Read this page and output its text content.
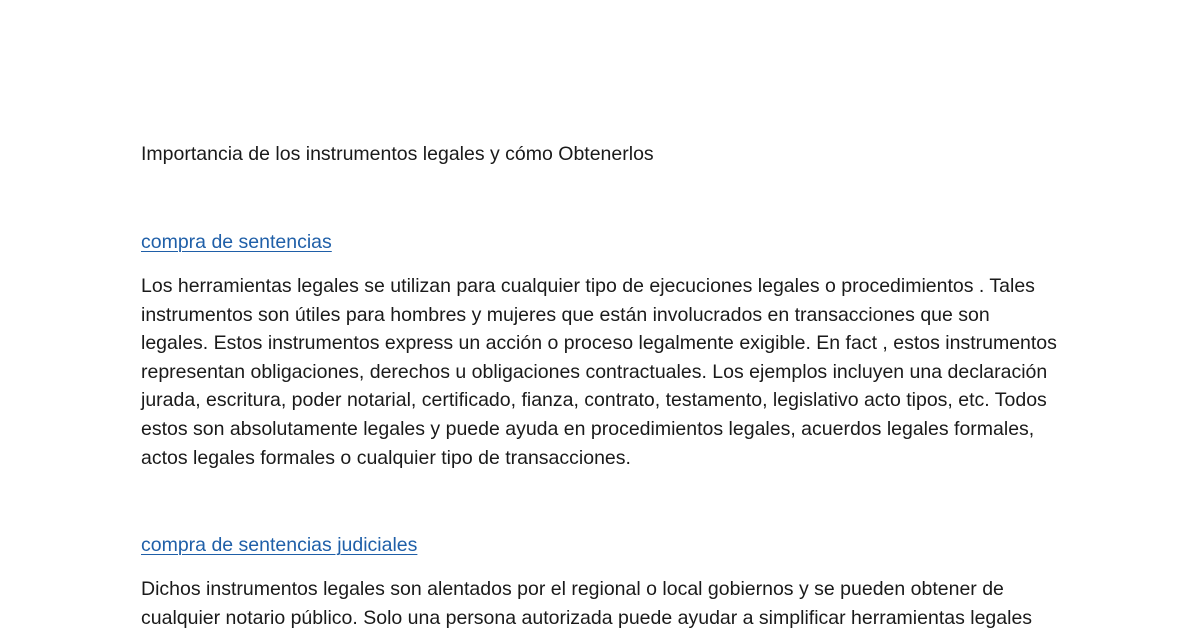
Importancia de los instrumentos legales y cómo Obtenerlos

compra de sentencias

Los herramientas legales se utilizan para cualquier tipo de ejecuciones legales o procedimientos . Tales instrumentos son útiles para hombres y mujeres que están involucrados en transacciones que son legales. Estos instrumentos express un acción o proceso legalmente exigible. En fact , estos instrumentos representan obligaciones, derechos u obligaciones contractuales. Los ejemplos incluyen una declaración jurada, escritura, poder notarial, certificado, fianza, contrato, testamento, legislativo acto tipos, etc. Todos estos son absolutamente legales y puede ayuda en procedimientos legales, acuerdos legales formales, actos legales formales o cualquier tipo de transacciones.

compra de sentencias judiciales

Dichos instrumentos legales son alentados por el regional o local gobiernos y se pueden obtener de cualquier notario público. Solo una persona autorizada puede ayudar a simplificar herramientas legales
